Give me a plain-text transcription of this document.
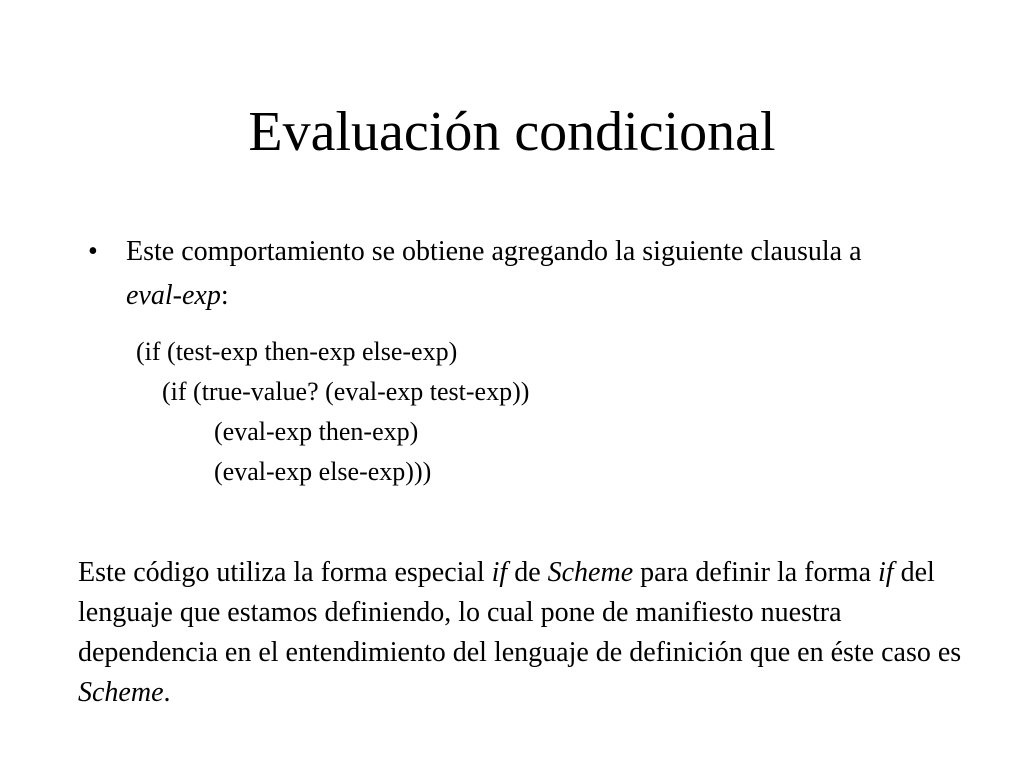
Evaluación condicional
• Este comportamiento se obtiene agregando la siguiente clausula a eval-exp:
(if (test-exp then-exp else-exp)
(if (true-value? (eval-exp test-exp))
(eval-exp then-exp)
(eval-exp else-exp)))
Este código utiliza la forma especial if de Scheme para definir la forma if del lenguaje que estamos definiendo, lo cual pone de manifiesto nuestra dependencia en el entendimiento del lenguaje de definición que en éste caso es Scheme.
